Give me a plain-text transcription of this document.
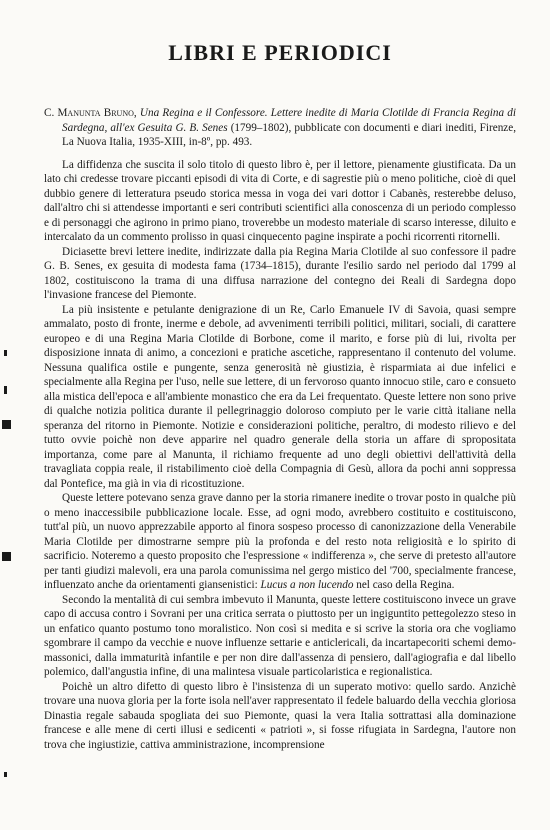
LIBRI E PERIODICI

C. Manunta Bruno, Una Regina e il Confessore. Lettere inedite di Maria Clotilde di Francia Regina di Sardegna, all'ex Gesuita G. B. Senes (1799–1802), pubblicate con documenti e diari inediti, Firenze, La Nuova Italia, 1935-XIII, in-8º, pp. 493.

La diffidenza che suscita il solo titolo di questo libro è, per il lettore, pienamente giustificata. Da un lato chi credesse trovare piccanti episodi di vita di Corte, e di sagrestie più o meno politiche, cioè di quel dubbio genere di letteratura pseudo storica messa in voga dei vari dottor i Cabanès, resterebbe deluso, dall'altro chi si attendesse importanti e seri contributi scientifici alla conoscenza di un periodo complesso e di personaggi che agirono in primo piano, troverebbe un modesto materiale di scarso interesse, diluito e intercalato da un commento prolisso in quasi cinquecento pagine inspirate a pochi ricorrenti ritornelli.

Diciasette brevi lettere inedite, indirizzate dalla pia Regina Maria Clotilde al suo confessore il padre G. B. Senes, ex gesuita di modesta fama (1734–1815), durante l'esilio sardo nel periodo dal 1799 al 1802, costituiscono la trama di una diffusa narrazione del contegno dei Reali di Sardegna dopo l'invasione francese del Piemonte.

La più insistente e petulante denigrazione di un Re, Carlo Emanuele IV di Savoia, quasi sempre ammalato, posto di fronte, inerme e debole, ad avvenimenti terribili politici, militari, sociali, di carattere europeo e di una Regina Maria Clotilde di Borbone, come il marito, e forse più di lui, rivolta per disposizione innata di animo, a concezioni e pratiche ascetiche, rappresentano il contenuto del volume. Nessuna qualifica ostile e pungente, senza generosità nè giustizia, è risparmiata ai due infelici e specialmente alla Regina per l'uso, nelle sue lettere, di un fervoroso quanto innocuo stile, caro e consueto alla mistica dell'epoca e all'ambiente monastico che era da Lei frequentato. Queste lettere non sono prive di qualche notizia politica durante il pellegrinaggio doloroso compiuto per le varie città italiane nella speranza del ritorno in Piemonte. Notizie e considerazioni politiche, peraltro, di modesto rilievo e del tutto ovvie poichè non deve apparire nel quadro generale della storia un affare di spropositata importanza, come pare al Manunta, il richiamo frequente ad uno degli obiettivi dell'attività della travagliata coppia reale, il ristabilimento cioè della Compagnia di Gesù, allora da pochi anni soppressa dal Pontefice, ma già in via di ricostituzione.

Queste lettere potevano senza grave danno per la storia rimanere inedite o trovar posto in qualche più o meno inaccessibile pubblicazione locale. Esse, ad ogni modo, avrebbero costituito e costituiscono, tutt'al più, un nuovo apprezzabile apporto al finora sospeso processo di canonizzazione della Venerabile Maria Clotilde per dimostrarne sempre più la profonda e del resto nota religiosità e lo spirito di sacrificio. Noteremo a questo proposito che l'espressione « indifferenza », che serve di pretesto all'autore per tanti giudizi malevoli, era una parola comunissima nel gergo mistico del '700, specialmente francese, influenzato anche da orientamenti giansenistici: Lucus a non lucendo nel caso della Regina.

Secondo la mentalità di cui sembra imbevuto il Manunta, queste lettere costituiscono invece un grave capo di accusa contro i Sovrani per una critica serrata o piuttosto per un ingiguntito pettegolezzo steso in un enfatico quanto postumo tono moralistico. Non così si medita e si scrive la storia ora che vogliamo sgombrare il campo da vecchie e nuove influenze settarie e anticlericali, da incartapecoriti schemi demo-massonici, dalla immaturità infantile e per non dire dall'assenza di pensiero, dall'agiografia e dal libello polemico, dall'angustia infine, di una malintesa visuale particolaristica e regionalistica.

Poichè un altro difetto di questo libro è l'insistenza di un superato motivo: quello sardo. Anzichè trovare una nuova gloria per la forte isola nell'aver rappresentato il fedele baluardo della vecchia gloriosa Dinastia regale sabauda spogliata dei suo Piemonte, quasi la vera Italia sottrattasi alla dominazione francese e alle mene di certi illusi e sedicenti « patrioti », si fosse rifugiata in Sardegna, l'autore non trova che ingiustizie, cattiva amministrazione, incomprensione
